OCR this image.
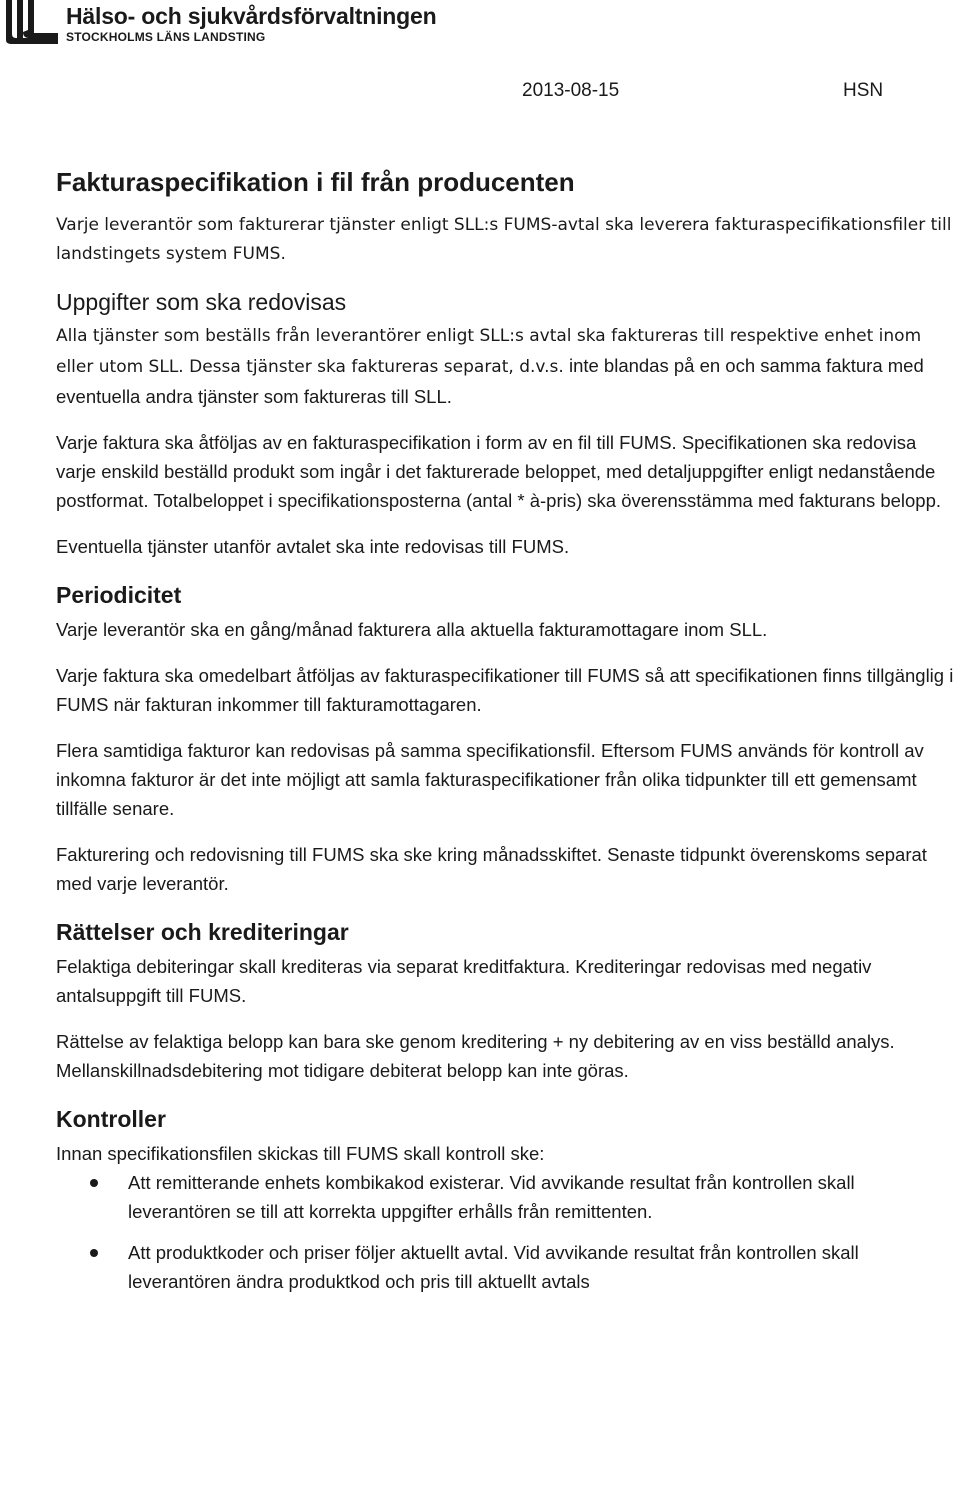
Hälso- och sjukvårdsförvaltningen
STOCKHOLMS LÄNS LANDSTING
2013-08-15	HSN
Fakturaspecifikation i fil från producenten

Varje leverantör som fakturerar tjänster enligt SLL:s FUMS-avtal ska leverera fakturaspecifikationsfiler till landstingets system FUMS.

Uppgifter som ska redovisas

Alla tjänster som beställs från leverantörer enligt SLL:s avtal ska faktureras till respektive enhet inom eller utom SLL. Dessa tjänster ska faktureras separat, d.v.s. inte blandas på en och samma faktura med eventuella andra tjänster som faktureras till SLL.

Varje faktura ska åtföljas av en fakturaspecifikation i form av en fil till FUMS. Specifikationen ska redovisa varje enskild beställd produkt som ingår i det fakturerade beloppet, med detaljuppgifter enligt nedanstående postformat. Totalbeloppet i specifikationsposterna (antal * à-pris) ska överensstämma med fakturans belopp.

Eventuella tjänster utanför avtalet ska inte redovisas till FUMS.

Periodicitet

Varje leverantör ska en gång/månad fakturera alla aktuella fakturamottagare inom SLL.

Varje faktura ska omedelbart åtföljas av fakturaspecifikationer till FUMS så att specifikationen finns tillgänglig i FUMS när fakturan inkommer till fakturamottagaren.

Flera samtidiga fakturor kan redovisas på samma specifikationsfil. Eftersom FUMS används för kontroll av inkomna fakturor är det inte möjligt att samla fakturaspecifikationer från olika tidpunkter till ett gemensamt tillfälle senare.

Fakturering och redovisning till FUMS ska ske kring månadsskiftet. Senaste tidpunkt överenskoms separat med varje leverantör.

Rättelser och krediteringar

Felaktiga debiteringar skall krediteras via separat kreditfaktura. Krediteringar redovisas med negativ antalsuppgift till FUMS.

Rättelse av felaktiga belopp kan bara ske genom kreditering + ny debitering av en viss beställd analys. Mellanskillnadsdebitering mot tidigare debiterat belopp kan inte göras.

Kontroller

Innan specifikationsfilen skickas till FUMS skall kontroll ske:

Att remitterande enhets kombikakod existerar. Vid avvikande resultat från kontrollen skall leverantören se till att korrekta uppgifter erhålls från remittenten.
Att produktkoder och priser följer aktuellt avtal. Vid avvikande resultat från kontrollen skall leverantören ändra produktkod och pris till aktuellt avtals
